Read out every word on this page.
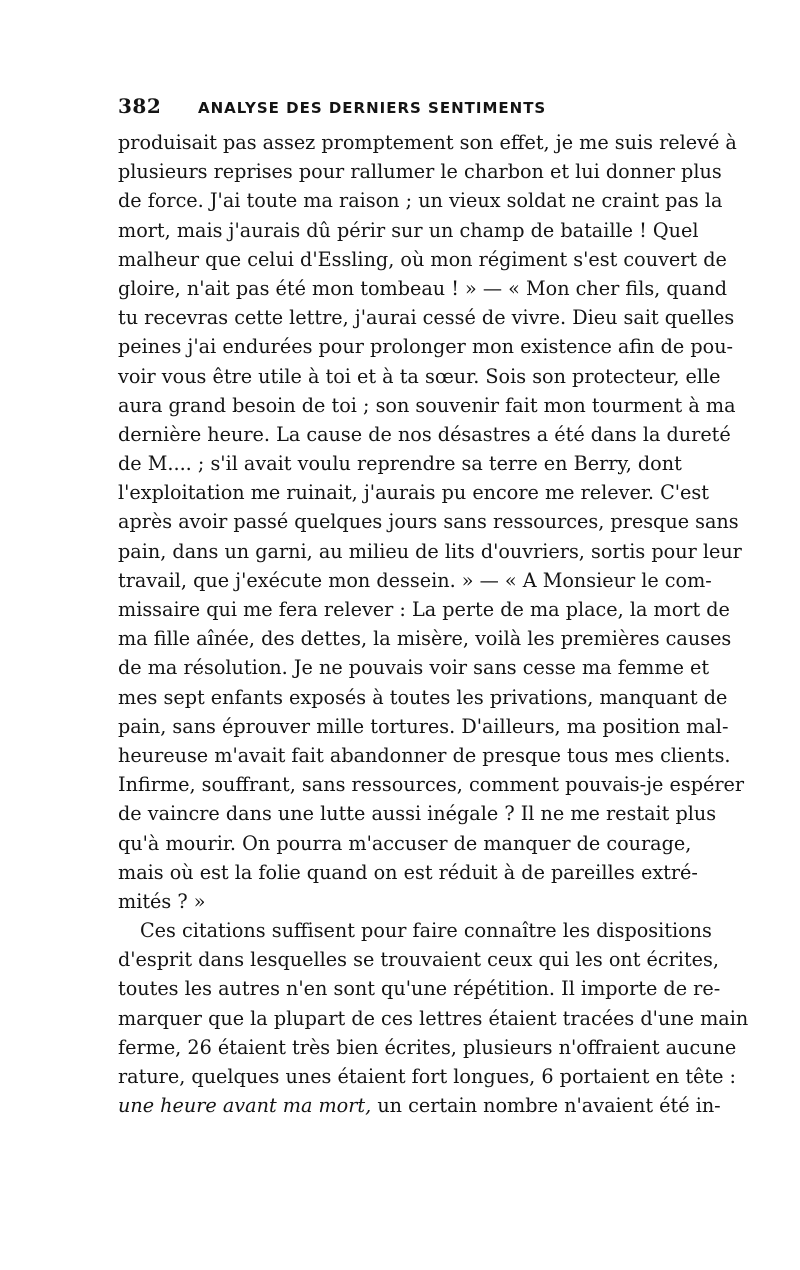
382	ANALYSE DES DERNIERS SENTIMENTS
produisait pas assez promptement son effet, je me suis relevé à
plusieurs reprises pour rallumer le charbon et lui donner plus
de force. J'ai toute ma raison ; un vieux soldat ne craint pas la
mort, mais j'aurais dû périr sur un champ de bataille ! Quel
malheur que celui d'Essling, où mon régiment s'est couvert de
gloire, n'ait pas été mon tombeau ! » — « Mon cher fils, quand
tu recevras cette lettre, j'aurai cessé de vivre. Dieu sait quelles
peines j'ai endurées pour prolonger mon existence afin de pou-
voir vous être utile à toi et à ta sœur. Sois son protecteur, elle
aura grand besoin de toi ; son souvenir fait mon tourment à ma
dernière heure. La cause de nos désastres a été dans la dureté
de M.... ; s'il avait voulu reprendre sa terre en Berry, dont
l'exploitation me ruinait, j'aurais pu encore me relever. C'est
après avoir passé quelques jours sans ressources, presque sans
pain, dans un garni, au milieu de lits d'ouvriers, sortis pour leur
travail, que j'exécute mon dessein. » — « A Monsieur le com-
missaire qui me fera relever : La perte de ma place, la mort de
ma fille aînée, des dettes, la misère, voilà les premières causes
de ma résolution. Je ne pouvais voir sans cesse ma femme et
mes sept enfants exposés à toutes les privations, manquant de
pain, sans éprouver mille tortures. D'ailleurs, ma position mal-
heureuse m'avait fait abandonner de presque tous mes clients.
Infirme, souffrant, sans ressources, comment pouvais-je espérer
de vaincre dans une lutte aussi inégale ? Il ne me restait plus
qu'à mourir. On pourra m'accuser de manquer de courage,
mais où est la folie quand on est réduit à de pareilles extré-
mités ? »
Ces citations suffisent pour faire connaître les dispositions
d'esprit dans lesquelles se trouvaient ceux qui les ont écrites,
toutes les autres n'en sont qu'une répétition. Il importe de re-
marquer que la plupart de ces lettres étaient tracées d'une main
ferme, 26 étaient très bien écrites, plusieurs n'offraient aucune
rature, quelques unes étaient fort longues, 6 portaient en tête :
une heure avant ma mort, un certain nombre n'avaient été in-
